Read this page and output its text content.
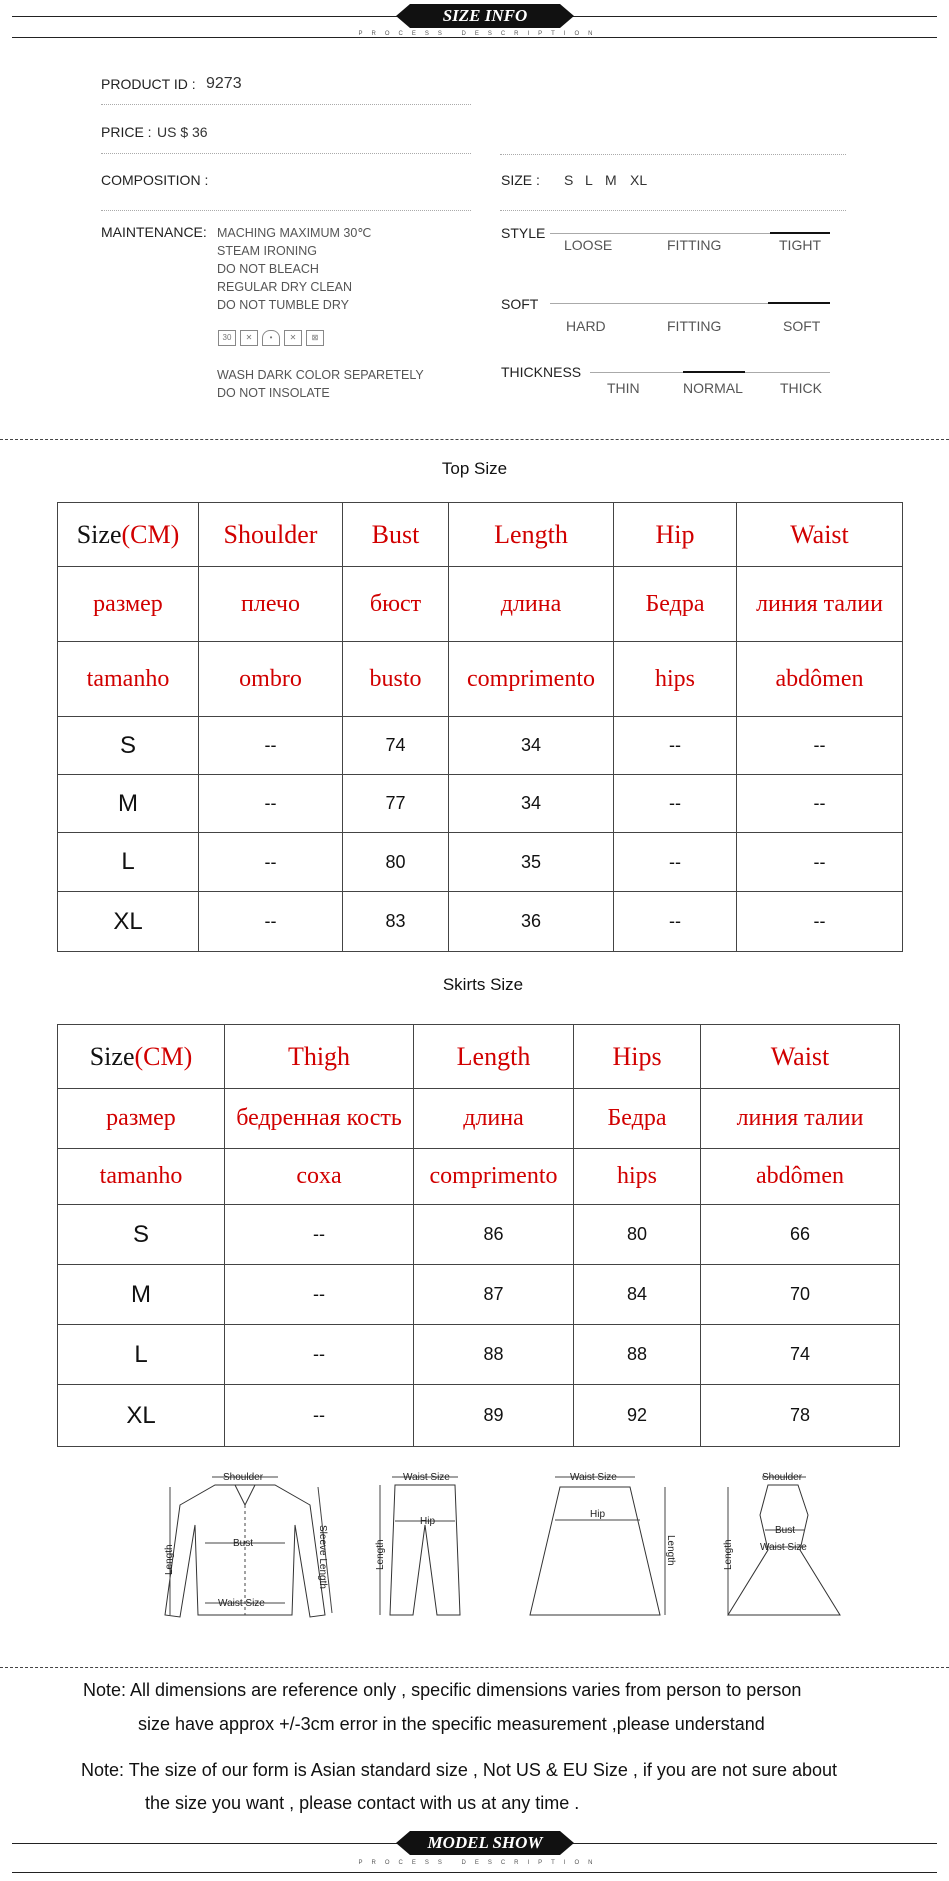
SIZE INFO
PROCESS DESCRIPTION
PRODUCT ID : 9273
PRICE : US $ 36
COMPOSITION :
MAINTENANCE: MACHING MAXIMUM 30℃
STEAM IRONING
DO NOT BLEACH
REGULAR DRY CLEAN
DO NOT TUMBLE DRY
30	✕	•	✕	⊠
WASH DARK COLOR SEPARETELY
DO NOT INSOLATE
SIZE : S L M XL
STYLE
LOOSE	FITTING	TIGHT
SOFT
HARD	FITTING	SOFT
THICKNESS
THIN	NORMAL	THICK
Top Size
Size(CM)	Shoulder	Bust	Length	Hip	Waist
размер	плечо	бюст	длина	Бедра	линия талии
tamanho	ombro	busto	comprimento	hips	abdômen
S	--	74	34	--	--
M	--	77	34	--	--
L	--	80	35	--	--
XL	--	83	36	--	--
Skirts Size
Size(CM)	Thigh	Length	Hips	Waist
размер	бедренная кость	длина	Бедра	линия талии
tamanho	coxa	comprimento	hips	abdômen
S	--	86	80	66
M	--	87	84	70
L	--	88	88	74
XL	--	89	92	78
Shoulder
Bust
Waist Size
Length	Sleeve Length
Waist Size
Hip
Length
Waist Size
Hip
Length
Shoulder
Bust
Waist Size
Length
Note: All dimensions are reference only , specific dimensions varies from person to person
size have approx +/-3cm error in the specific measurement ,please understand
Note: The size of our form is Asian standard size , Not US & EU Size , if you are not sure about
the size you want , please contact with us at any time .
MODEL SHOW
PROCESS DESCRIPTION
